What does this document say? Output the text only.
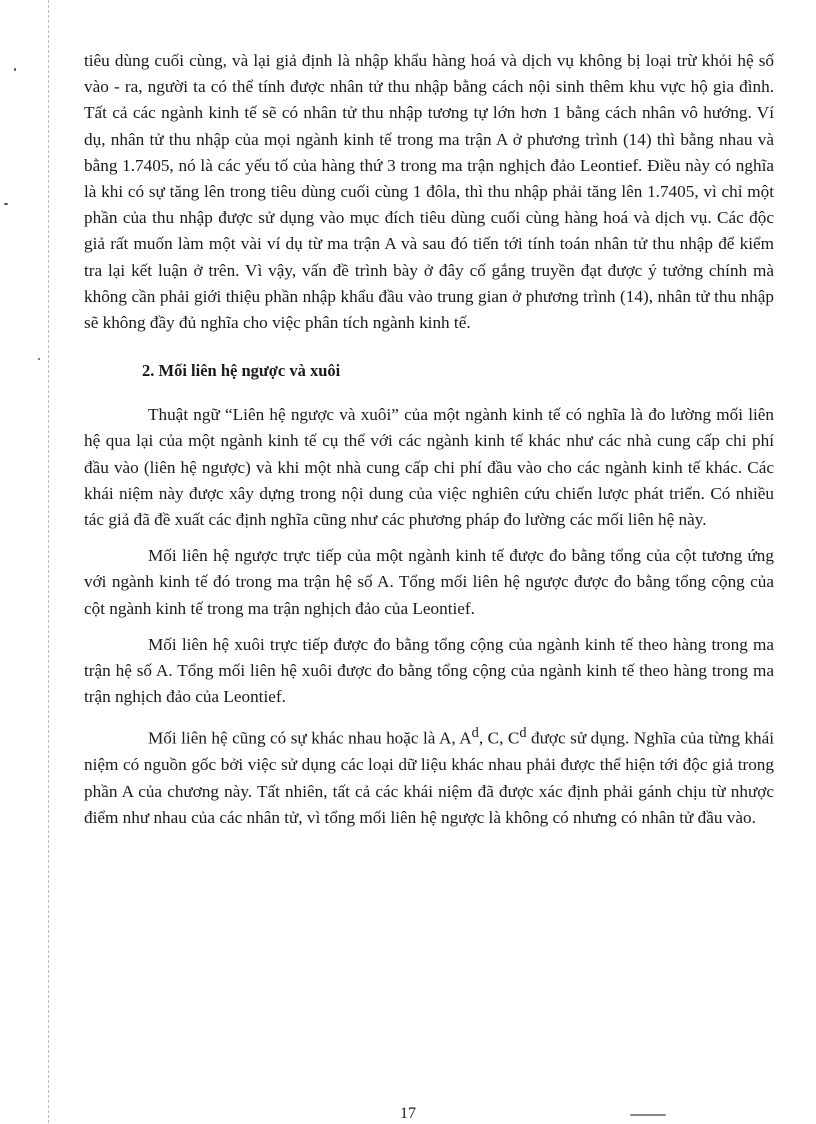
tiêu dùng cuối cùng, và lại giả định là nhập khẩu hàng hoá và dịch vụ không bị loại trừ khỏi hệ số vào - ra, người ta có thể tính được nhân tử thu nhập bằng cách nội sinh thêm khu vực hộ gia đình. Tất cả các ngành kinh tế sẽ có nhân tử thu nhập tương tự lớn hơn 1 bằng cách nhân vô hướng. Ví dụ, nhân tử thu nhập của mọi ngành kinh tế trong ma trận A ở phương trình (14) thì bằng nhau và bằng 1.7405, nó là các yếu tố của hàng thứ 3 trong ma trận nghịch đảo Leontief. Điều này có nghĩa là khi có sự tăng lên trong tiêu dùng cuối cùng 1 đôla, thì thu nhập phải tăng lên 1.7405, vì chỉ một phần của thu nhập được sử dụng vào mục đích tiêu dùng cuối cùng hàng hoá và dịch vụ. Các độc giả rất muốn làm một vài ví dụ từ ma trận A và sau đó tiến tới tính toán nhân tử thu nhập để kiểm tra lại kết luận ở trên. Vì vậy, vấn đề trình bày ở đây cố gắng truyền đạt được ý tưởng chính mà không cần phải giới thiệu phần nhập khẩu đầu vào trung gian ở phương trình (14), nhân tử thu nhập sẽ không đầy đủ nghĩa cho việc phân tích ngành kinh tế.

2. Mối liên hệ ngược và xuôi

Thuật ngữ “Liên hệ ngược và xuôi” của một ngành kinh tế có nghĩa là đo lường mối liên hệ qua lại của một ngành kinh tế cụ thể với các ngành kinh tế khác như các nhà cung cấp chi phí đầu vào (liên hệ ngược) và khi một nhà cung cấp chi phí đầu vào cho các ngành kinh tế khác. Các khái niệm này được xây dựng trong nội dung của việc nghiên cứu chiến lược phát triển. Có nhiều tác giả đã đề xuất các định nghĩa cũng như các phương pháp đo lường các mối liên hệ này.

Mối liên hệ ngược trực tiếp của một ngành kinh tế được đo bằng tổng của cột tương ứng với ngành kinh tế đó trong ma trận hệ số A. Tổng mối liên hệ ngược được đo bằng tổng cộng của cột ngành kinh tế trong ma trận nghịch đảo của Leontief.

Mối liên hệ xuôi trực tiếp được đo bằng tổng cộng của ngành kinh tế theo hàng trong ma trận hệ số A. Tổng mối liên hệ xuôi được đo bằng tổng cộng của ngành kinh tế theo hàng trong ma trận nghịch đảo của Leontief.

Mối liên hệ cũng có sự khác nhau hoặc là A, $A^d$, C, $C^d$ được sử dụng. Nghĩa của từng khái niệm có nguồn gốc bởi việc sử dụng các loại dữ liệu khác nhau phải được thể hiện tới độc giả trong phần A của chương này. Tất nhiên, tất cả các khái niệm đã được xác định phải gánh chịu từ nhược điểm như nhau của các nhân tử, vì tổng mối liên hệ ngược là không có nhưng có nhân tử đầu vào.

17
